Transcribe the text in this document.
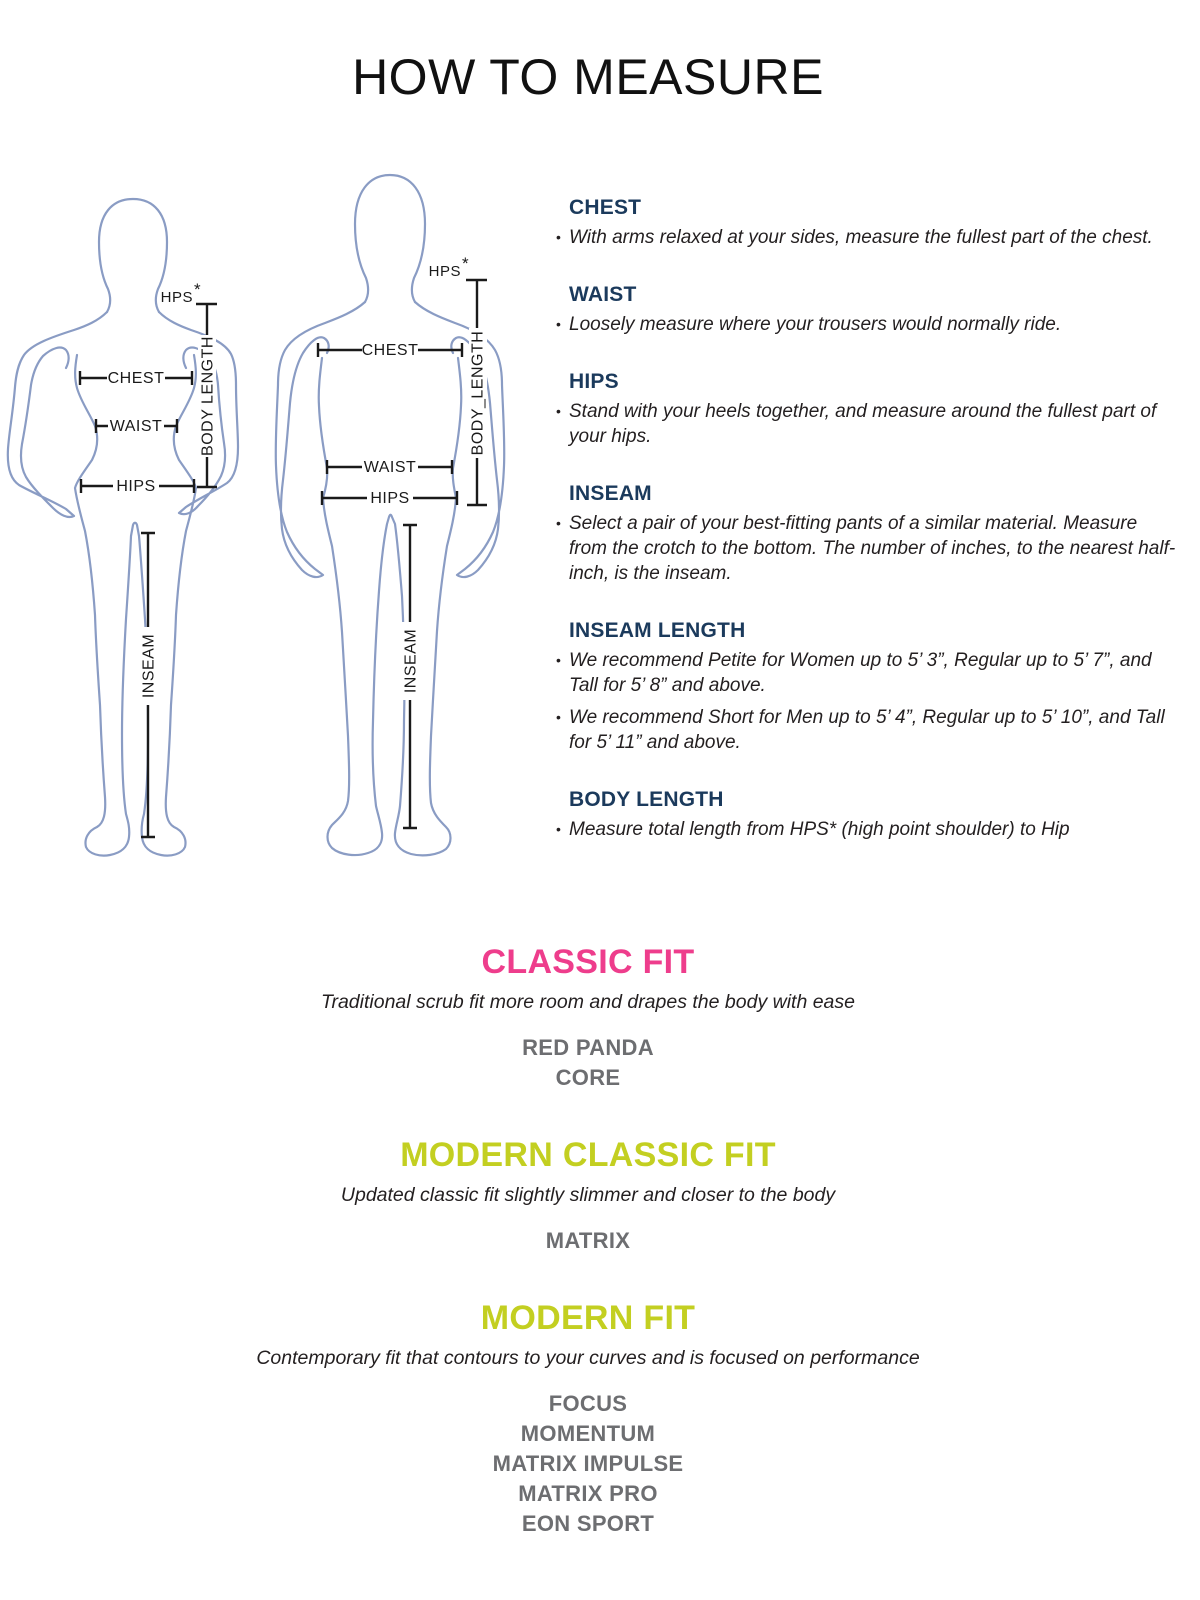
HOW TO MEASURE
HPS *
CHEST
WAIST
HIPS
BODY LENGTH
INSEAM
HPS *
CHEST
WAIST
HIPS
BODY_LENGTH
INSEAM
CHEST
• With arms relaxed at your sides, measure the fullest part of the chest.
WAIST
• Loosely measure where your trousers would normally ride.
HIPS
• Stand with your heels together, and measure around the fullest part of your hips.
INSEAM
• Select a pair of your best-fitting pants of a similar material. Measure from the crotch to the bottom. The number of inches, to the nearest half-inch, is the inseam.
INSEAM LENGTH
• We recommend Petite for Women up to 5’ 3”, Regular up to 5’ 7”, and Tall for 5’ 8” and above.
• We recommend Short for Men up to 5’ 4”, Regular up to 5’ 10”, and Tall for 5’ 11” and above.
BODY LENGTH
• Measure total length from HPS* (high point shoulder) to Hip
CLASSIC FIT
Traditional scrub fit more room and drapes the body with ease
RED PANDA
CORE
MODERN CLASSIC FIT
Updated classic fit slightly slimmer and closer to the body
MATRIX
MODERN FIT
Contemporary fit that contours to your curves and is focused on performance
FOCUS
MOMENTUM
MATRIX IMPULSE
MATRIX PRO
EON SPORT
